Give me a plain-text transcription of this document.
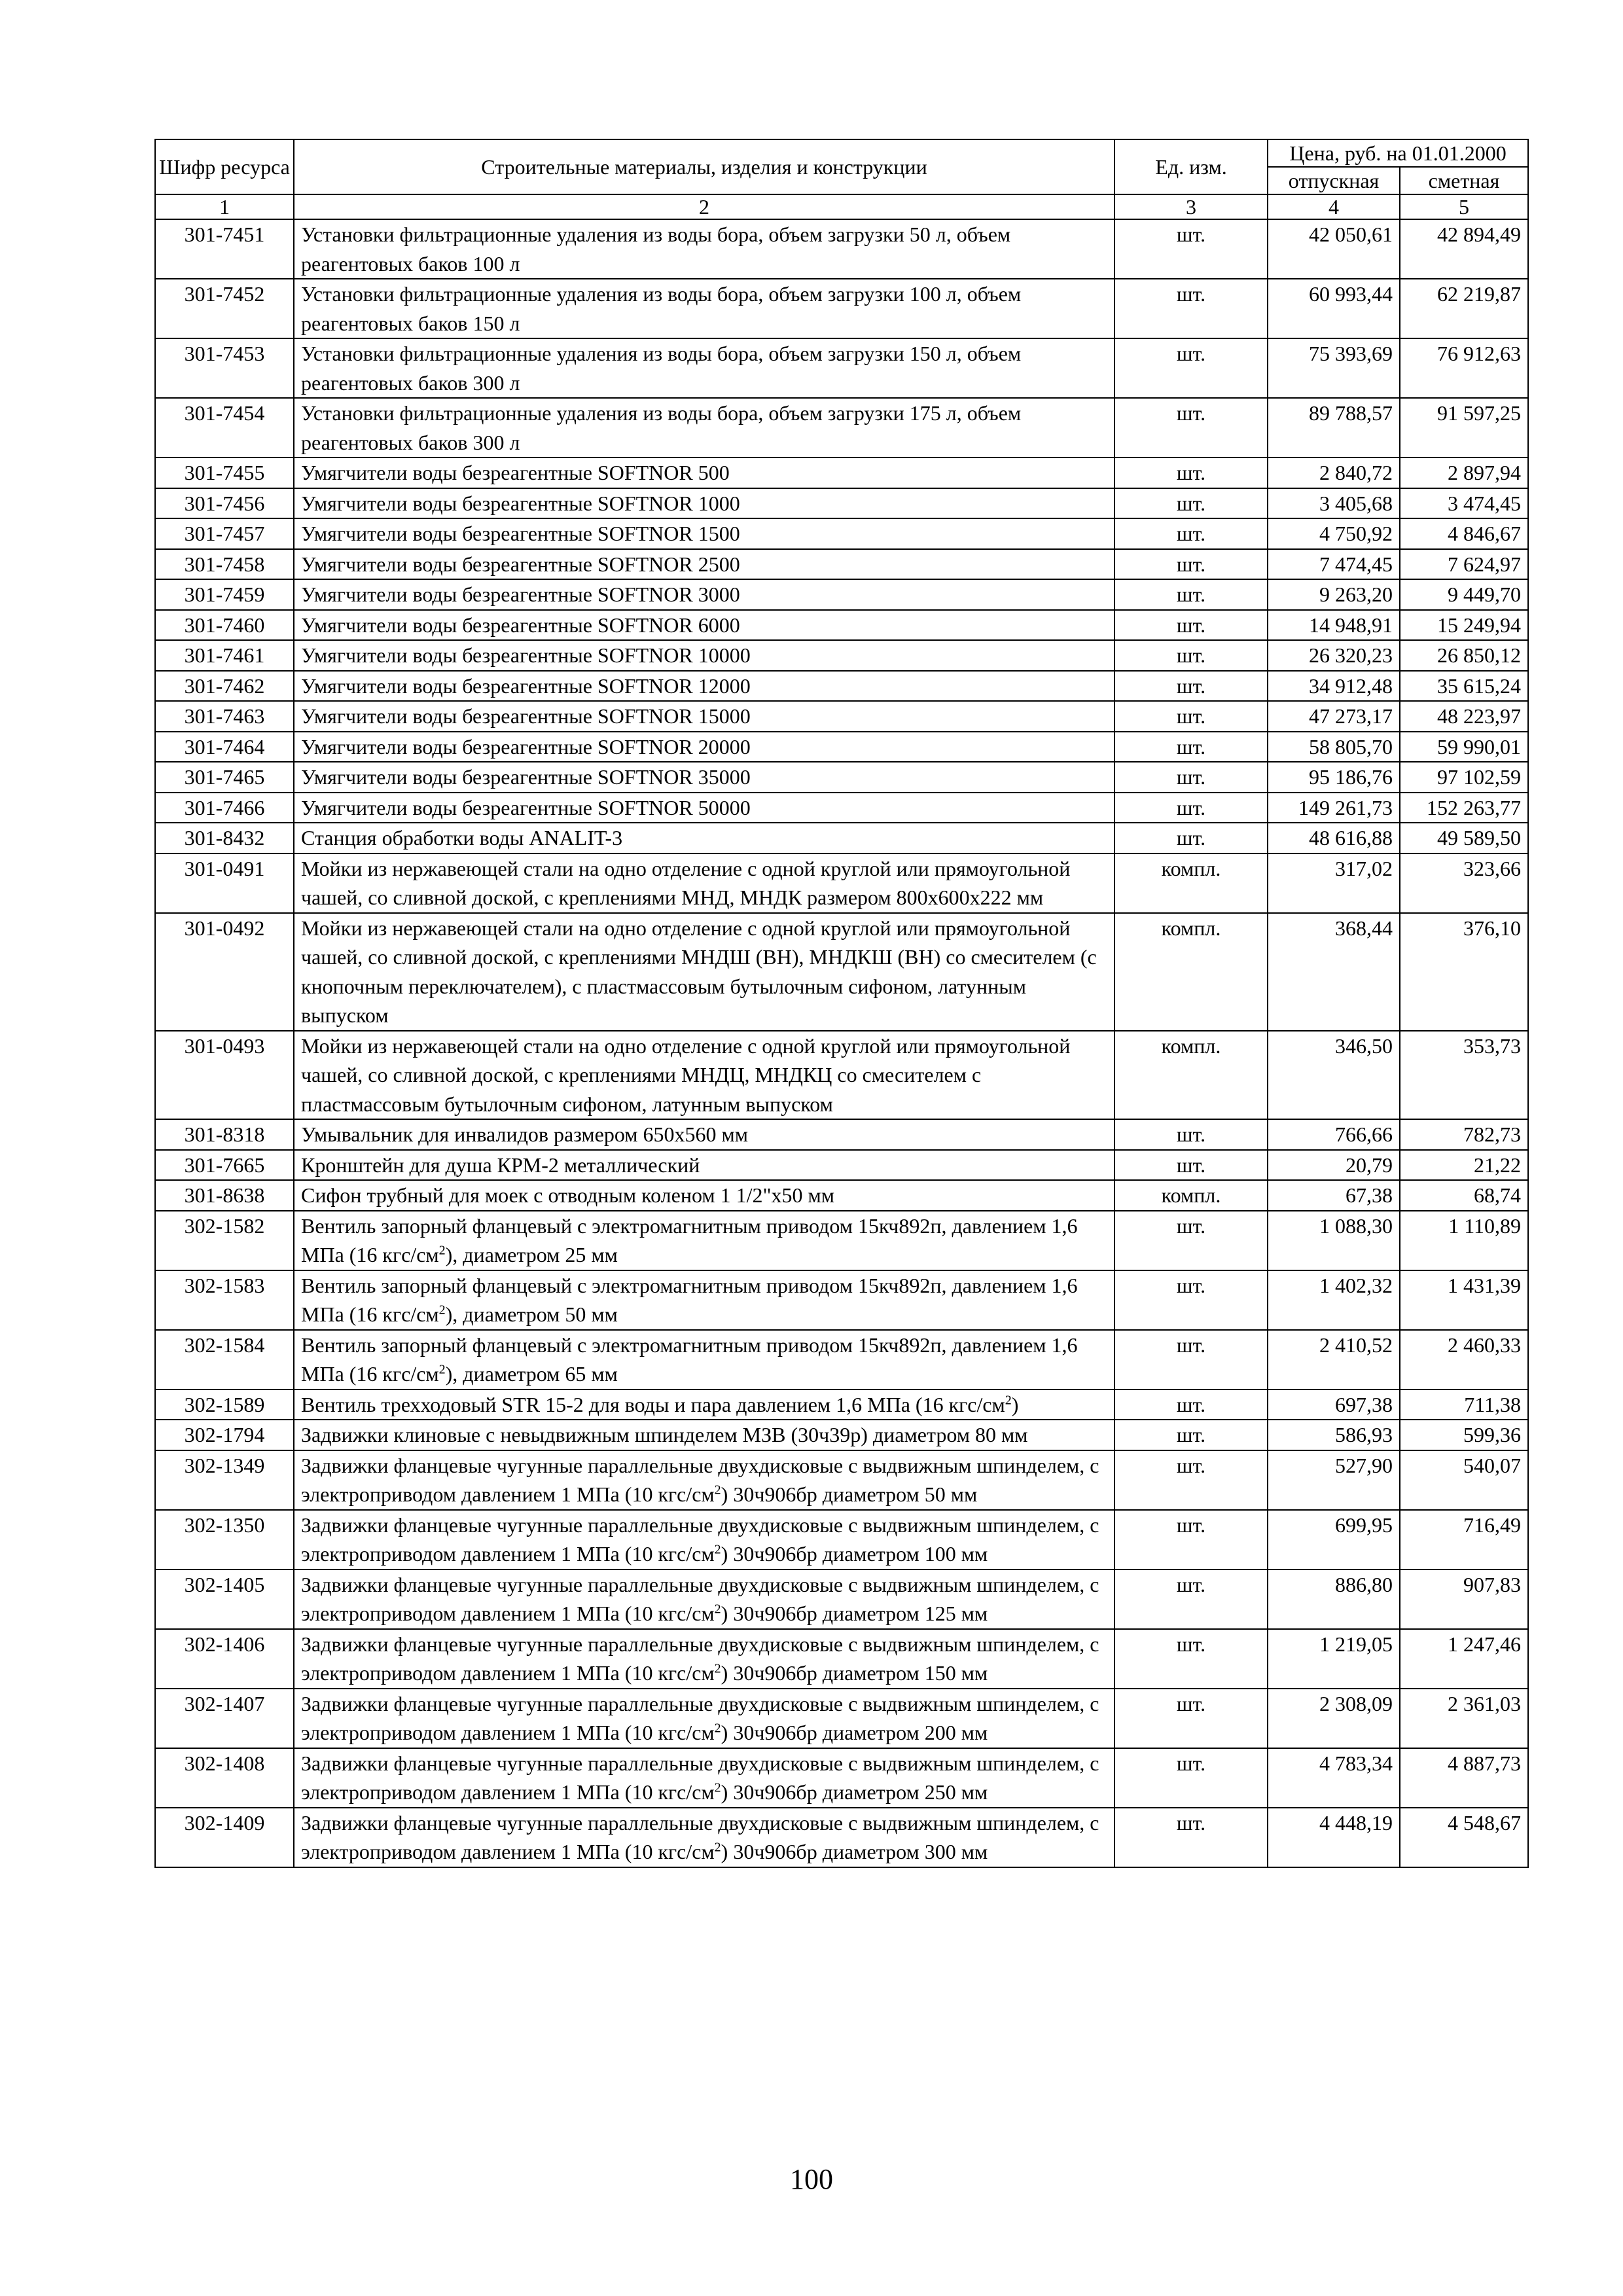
Шифр ресурса	Строительные материалы, изделия и конструкции	Ед. изм.	Цена, руб. на 01.01.2000	
			отпускная	сметная
1	2	3	4	5
301-7451	Установки фильтрационные удаления из воды бора, объем загрузки 50 л, объем реагентовых баков 100 л	шт.	42 050,61	42 894,49
301-7452	Установки фильтрационные удаления из воды бора, объем загрузки 100 л, объем реагентовых баков 150 л	шт.	60 993,44	62 219,87
301-7453	Установки фильтрационные удаления из воды бора, объем загрузки 150 л, объем реагентовых баков 300 л	шт.	75 393,69	76 912,63
301-7454	Установки фильтрационные удаления из воды бора, объем загрузки 175 л, объем реагентовых баков 300 л	шт.	89 788,57	91 597,25
301-7455	Умягчители воды безреагентные SOFTNOR 500	шт.	2 840,72	2 897,94
301-7456	Умягчители воды безреагентные SOFTNOR 1000	шт.	3 405,68	3 474,45
301-7457	Умягчители воды безреагентные SOFTNOR 1500	шт.	4 750,92	4 846,67
301-7458	Умягчители воды безреагентные SOFTNOR 2500	шт.	7 474,45	7 624,97
301-7459	Умягчители воды безреагентные SOFTNOR 3000	шт.	9 263,20	9 449,70
301-7460	Умягчители воды безреагентные SOFTNOR 6000	шт.	14 948,91	15 249,94
301-7461	Умягчители воды безреагентные SOFTNOR 10000	шт.	26 320,23	26 850,12
301-7462	Умягчители воды безреагентные SOFTNOR 12000	шт.	34 912,48	35 615,24
301-7463	Умягчители воды безреагентные SOFTNOR 15000	шт.	47 273,17	48 223,97
301-7464	Умягчители воды безреагентные SOFTNOR 20000	шт.	58 805,70	59 990,01
301-7465	Умягчители воды безреагентные SOFTNOR 35000	шт.	95 186,76	97 102,59
301-7466	Умягчители воды безреагентные SOFTNOR 50000	шт.	149 261,73	152 263,77
301-8432	Станция обработки воды ANALIT-3	шт.	48 616,88	49 589,50
301-0491	Мойки из нержавеющей стали на одно отделение с одной круглой или прямоугольной чашей, со сливной доской, с креплениями МНД, МНДК размером 800х600х222 мм	компл.	317,02	323,66
301-0492	Мойки из нержавеющей стали на одно отделение с одной круглой или прямоугольной чашей, со сливной доской, с креплениями МНДШ (ВН), МНДКШ (ВН) со смесителем (с кнопочным переключателем), с пластмассовым бутылочным сифоном, латунным выпуском	компл.	368,44	376,10
301-0493	Мойки из нержавеющей стали на одно отделение с одной круглой или прямоугольной чашей, со сливной доской, с креплениями МНДЦ, МНДКЦ со смесителем с пластмассовым бутылочным сифоном, латунным выпуском	компл.	346,50	353,73
301-8318	Умывальник для инвалидов размером 650х560 мм	шт.	766,66	782,73
301-7665	Кронштейн для душа КРМ-2 металлический	шт.	20,79	21,22
301-8638	Сифон трубный для моек с отводным коленом 1 1/2"х50 мм	компл.	67,38	68,74
302-1582	Вентиль запорный фланцевый с электромагнитным приводом 15кч892п, давлением 1,6 МПа (16 кгс/$см^2$), диаметром 25 мм	шт.	1 088,30	1 110,89
302-1583	Вентиль запорный фланцевый с электромагнитным приводом 15кч892п, давлением 1,6 МПа (16 кгс/$см^2$), диаметром 50 мм	шт.	1 402,32	1 431,39
302-1584	Вентиль запорный фланцевый с электромагнитным приводом 15кч892п, давлением 1,6 МПа (16 кгс/$см^2$), диаметром 65 мм	шт.	2 410,52	2 460,33
302-1589	Вентиль трехходовый STR 15-2 для воды и пара давлением 1,6 МПа (16 кгс/$см^2$)	шт.	697,38	711,38
302-1794	Задвижки клиновые с невыдвижным шпинделем МЗВ (30ч39р) диаметром 80 мм	шт.	586,93	599,36
302-1349	Задвижки фланцевые чугунные параллельные двухдисковые с выдвижным шпинделем, с электроприводом давлением 1 МПа (10 кгс/$см^2$) 30ч906бр диаметром 50 мм	шт.	527,90	540,07
302-1350	Задвижки фланцевые чугунные параллельные двухдисковые с выдвижным шпинделем, с электроприводом давлением 1 МПа (10 кгс/$см^2$) 30ч906бр диаметром 100 мм	шт.	699,95	716,49
302-1405	Задвижки фланцевые чугунные параллельные двухдисковые с выдвижным шпинделем, с электроприводом давлением 1 МПа (10 кгс/$см^2$) 30ч906бр диаметром 125 мм	шт.	886,80	907,83
302-1406	Задвижки фланцевые чугунные параллельные двухдисковые с выдвижным шпинделем, с электроприводом давлением 1 МПа (10 кгс/$см^2$) 30ч906бр диаметром 150 мм	шт.	1 219,05	1 247,46
302-1407	Задвижки фланцевые чугунные параллельные двухдисковые с выдвижным шпинделем, с электроприводом давлением 1 МПа (10 кгс/$см^2$) 30ч906бр диаметром 200 мм	шт.	2 308,09	2 361,03
302-1408	Задвижки фланцевые чугунные параллельные двухдисковые с выдвижным шпинделем, с электроприводом давлением 1 МПа (10 кгс/$см^2$) 30ч906бр диаметром 250 мм	шт.	4 783,34	4 887,73
302-1409	Задвижки фланцевые чугунные параллельные двухдисковые с выдвижным шпинделем, с электроприводом давлением 1 МПа (10 кгс/$см^2$) 30ч906бр диаметром 300 мм	шт.	4 448,19	4 548,67
100
